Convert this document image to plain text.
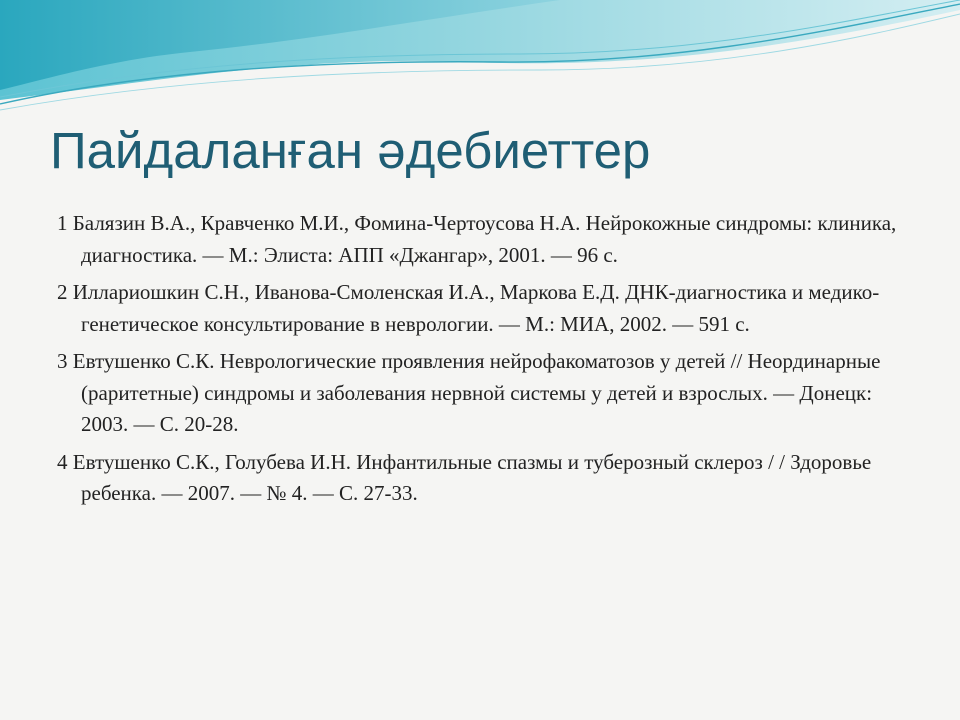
Пайдаланған әдебиеттер
1 Балязин В.А., Кравченко М.И., Фомина-Чертоусова Н.А. Нейрокожные синдромы: клиника, диагностика. — М.: Элиста: АПП «Джангар», 2001. — 96 с.
2 Иллариошкин С.Н., Иванова-Смоленская И.А., Маркова Е.Д. ДНК-диагностика и медико-генетическое консультирование в неврологии. — М.: МИА, 2002. — 591 с.
3 Евтушенко С.К. Неврологические проявления нейрофакоматозов у детей // Неординарные (раритетные) синдромы и заболевания нервной системы у детей и взрослых. — Донецк: 2003. — С. 20-28.
4 Евтушенко С.К., Голубева И.Н. Инфантильные спазмы и туберозный склероз / / Здоровье ребенка. — 2007. — № 4. — С. 27-33.
